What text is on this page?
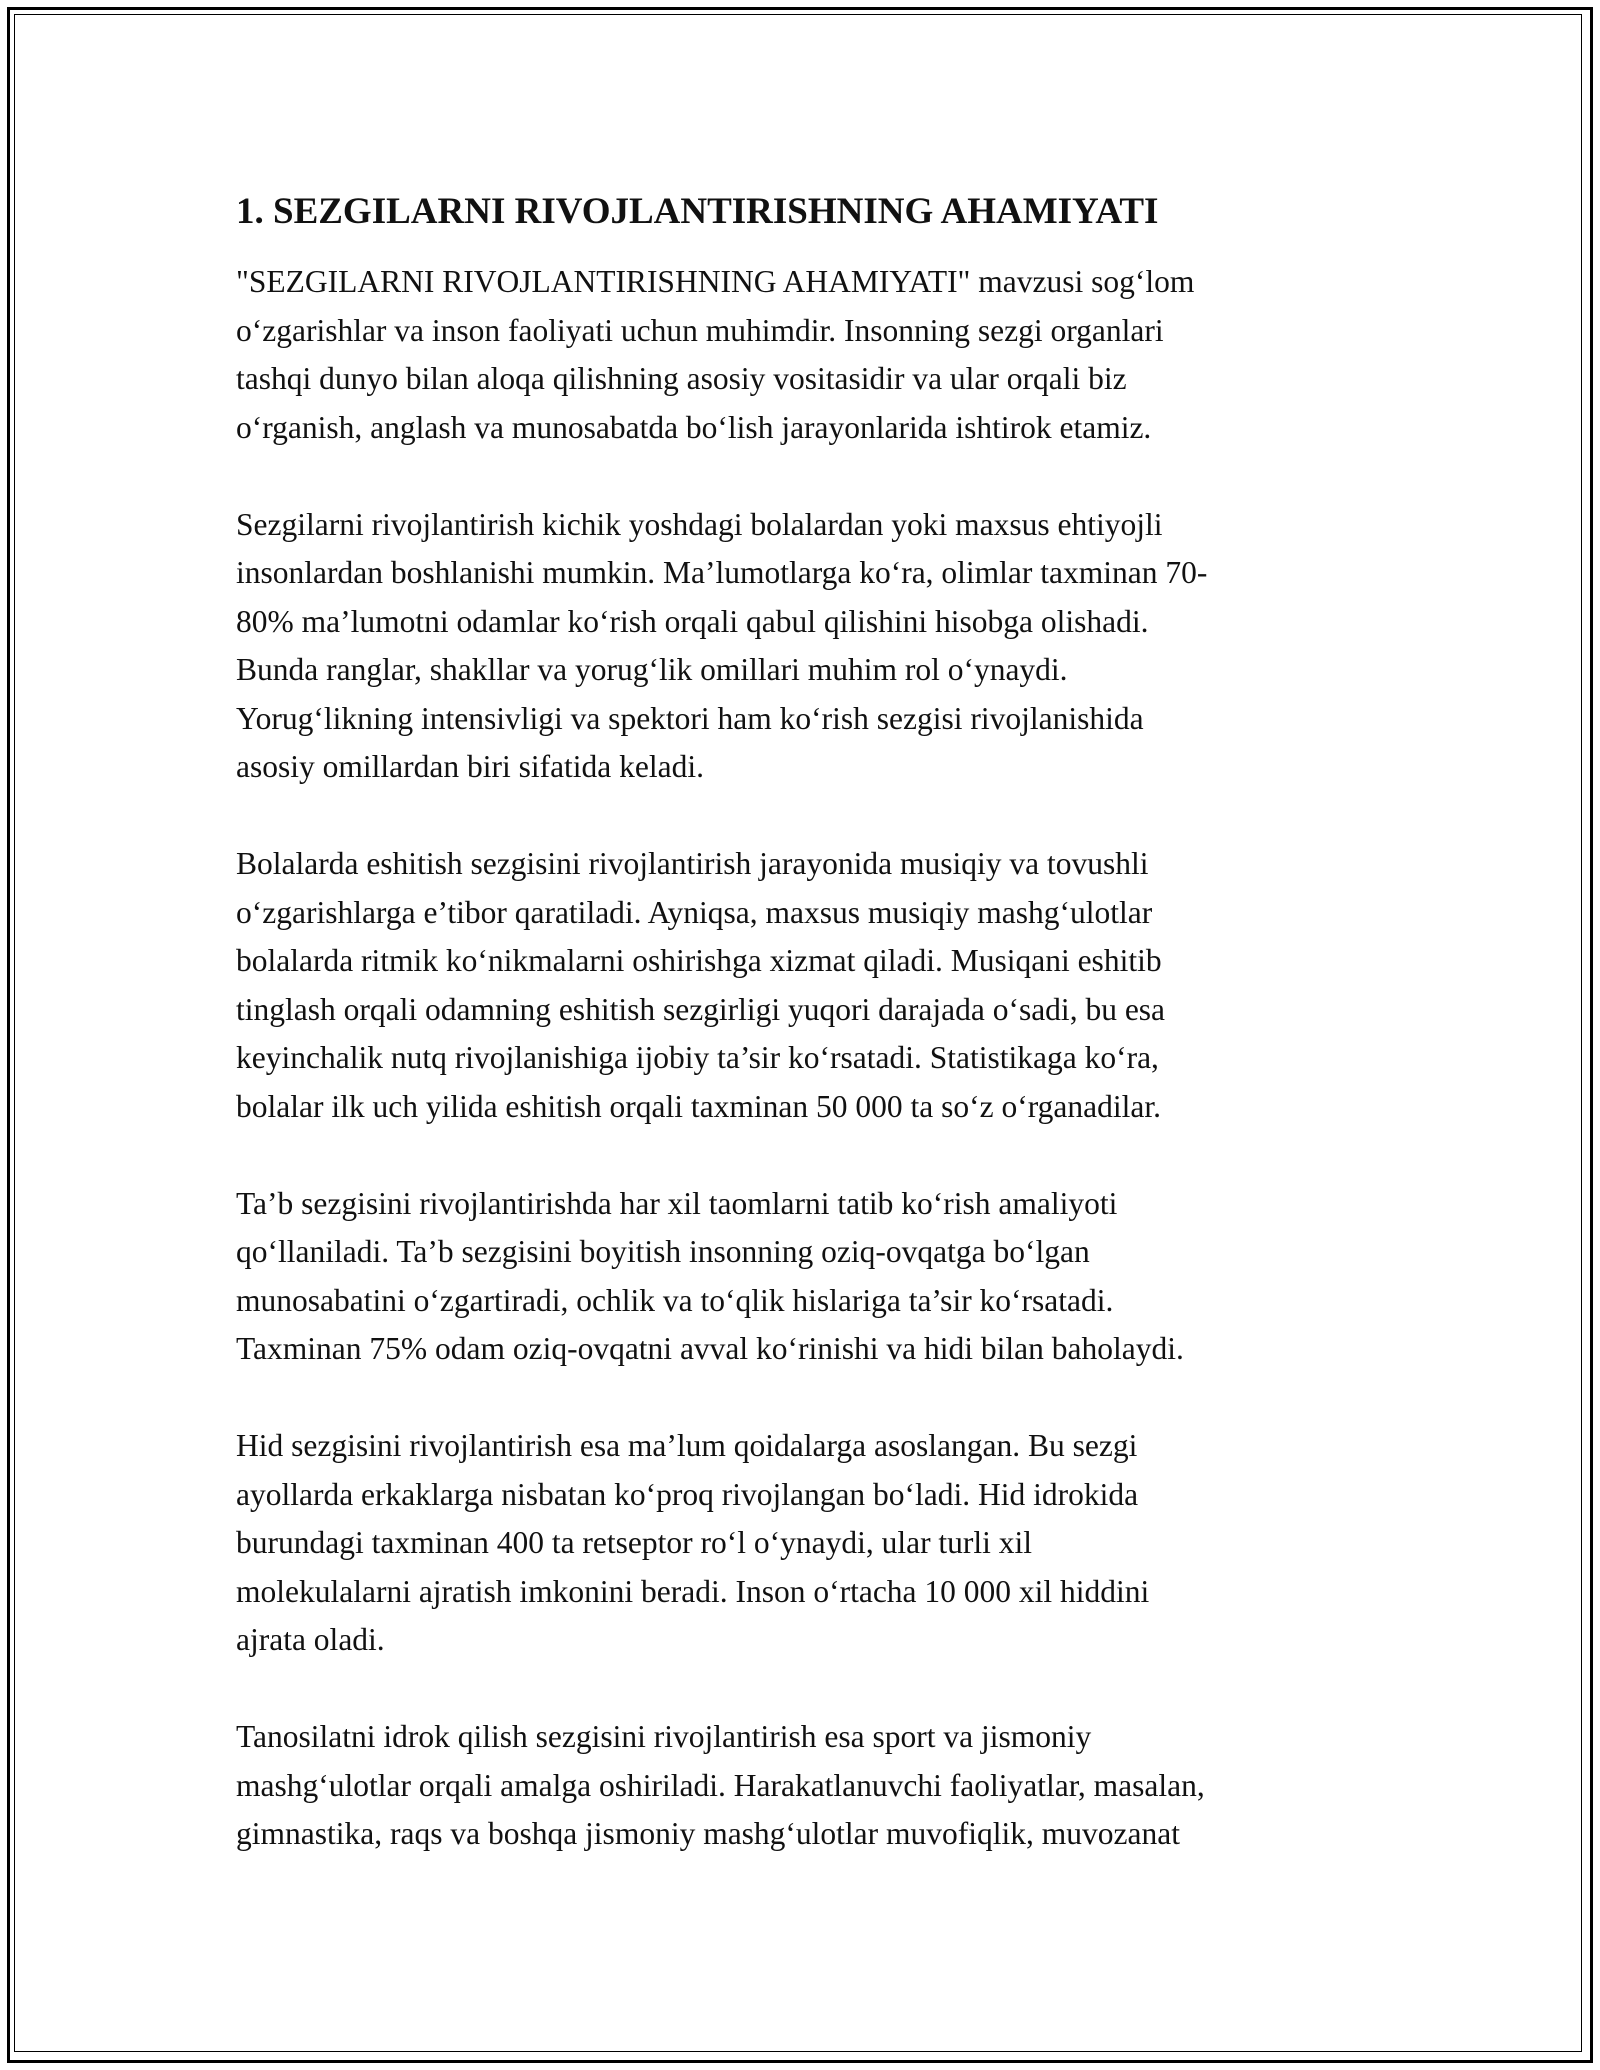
1. SEZGILARNI RIVOJLANTIRISHNING AHAMIYATI

"SEZGILARNI RIVOJLANTIRISHNING AHAMIYATI" mavzusi sog‘lom
o‘zgarishlar va inson faoliyati uchun muhimdir. Insonning sezgi organlari
tashqi dunyo bilan aloqa qilishning asosiy vositasidir va ular orqali biz
o‘rganish, anglash va munosabatda bo‘lish jarayonlarida ishtirok etamiz.

Sezgilarni rivojlantirish kichik yoshdagi bolalardan yoki maxsus ehtiyojli
insonlardan boshlanishi mumkin. Ma’lumotlarga ko‘ra, olimlar taxminan 70-
80% ma’lumotni odamlar ko‘rish orqali qabul qilishini hisobga olishadi.
Bunda ranglar, shakllar va yorug‘lik omillari muhim rol o‘ynaydi.
Yorug‘likning intensivligi va spektori ham ko‘rish sezgisi rivojlanishida
asosiy omillardan biri sifatida keladi.

Bolalarda eshitish sezgisini rivojlantirish jarayonida musiqiy va tovushli
o‘zgarishlarga e’tibor qaratiladi. Ayniqsa, maxsus musiqiy mashg‘ulotlar
bolalarda ritmik ko‘nikmalarni oshirishga xizmat qiladi. Musiqani eshitib
tinglash orqali odamning eshitish sezgirligi yuqori darajada o‘sadi, bu esa
keyinchalik nutq rivojlanishiga ijobiy ta’sir ko‘rsatadi. Statistikaga ko‘ra,
bolalar ilk uch yilida eshitish orqali taxminan 50 000 ta so‘z o‘rganadilar.

Ta’b sezgisini rivojlantirishda har xil taomlarni tatib ko‘rish amaliyoti
qo‘llaniladi. Ta’b sezgisini boyitish insonning oziq-ovqatga bo‘lgan
munosabatini o‘zgartiradi, ochlik va to‘qlik hislariga ta’sir ko‘rsatadi.
Taxminan 75% odam oziq-ovqatni avval ko‘rinishi va hidi bilan baholaydi.

Hid sezgisini rivojlantirish esa ma’lum qoidalarga asoslangan. Bu sezgi
ayollarda erkaklarga nisbatan ko‘proq rivojlangan bo‘ladi. Hid idrokida
burundagi taxminan 400 ta retseptor ro‘l o‘ynaydi, ular turli xil
molekulalarni ajratish imkonini beradi. Inson o‘rtacha 10 000 xil hiddini
ajrata oladi.

Tanosilatni idrok qilish sezgisini rivojlantirish esa sport va jismoniy
mashg‘ulotlar orqali amalga oshiriladi. Harakatlanuvchi faoliyatlar, masalan,
gimnastika, raqs va boshqa jismoniy mashg‘ulotlar muvofiqlik, muvozanat
